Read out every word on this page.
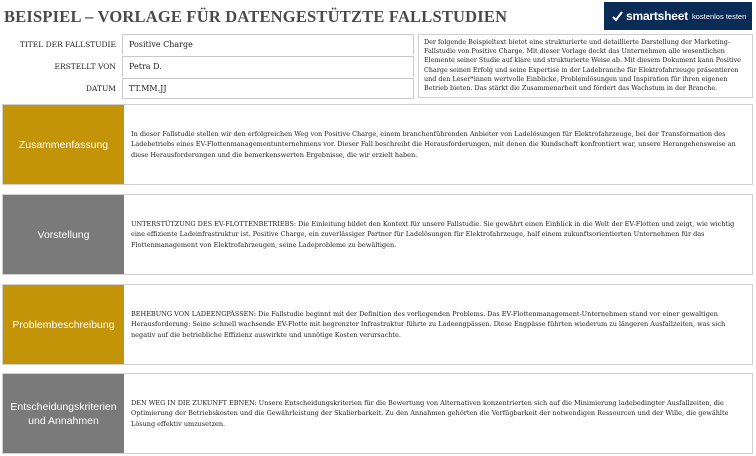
BEISPIEL – VORLAGE FÜR DATENGESTÜTZTE FALLSTUDIEN	smartsheet kostenlos testen
TITEL DER FALLSTUDIE	Positive Charge
ERSTELLT VON	Petra D.
DATUM	TT.MM.JJ
Der folgende Beispieltext bietet eine strukturierte und detaillierte Darstellung der Marketing-Fallstudie von Positive Charge. Mit dieser Vorlage deckt das Unternehmen alle wesentlichen Elemente seiner Studie auf klare und strukturierte Weise ab. Mit diesem Dokument kann Positive Charge seinen Erfolg und seine Expertise in der Ladebranche für Elektrofahrzeuge präsentieren und den Leser*innen wertvolle Einblicke, Problemlösungen und Inspiration für ihren eigenen Betrieb bieten. Das stärkt die Zusammenarbeit und fördert das Wachstum in der Branche.
Zusammenfassung
In dieser Fallstudie stellen wir den erfolgreichen Weg von Positive Charge, einem branchenführenden Anbieter von Ladelösungen für Elektrofahrzeuge, bei der Transformation des Ladebetriebs eines EV-Flottenmanagementunternehmens vor. Dieser Fall beschreibt die Herausforderungen, mit denen die Kundschaft konfrontiert war, unsere Herangehensweise an diese Herausforderungen und die bemerkenswerten Ergebnisse, die wir erzielt haben.
Vorstellung
UNTERSTÜTZUNG DES EV-FLOTTENBETRIEBS: Die Einleitung bildet den Kontext für unsere Fallstudie. Sie gewährt einen Einblick in die Welt der EV-Flotten und zeigt, wie wichtig eine effiziente Ladeinfrastruktur ist. Positive Charge, ein zuverlässiger Partner für Ladelösungen für Elektrofahrzeuge, half einem zukunftsorientierten Unternehmen für das Flottenmanagement von Elektrofahrzeugen, seine Ladeprobleme zu bewältigen.
Problembeschreibung
BEHEBUNG VON LADEENGPÄSSEN: Die Fallstudie beginnt mit der Definition des vorliegenden Problems. Das EV-Flottenmanagement-Unternehmen stand vor einer gewaltigen Herausforderung: Seine schnell wachsende EV-Flotte mit begrenzter Infrastruktur führte zu Ladeengpässen. Diese Engpässe führten wiederum zu längeren Ausfallzeiten, was sich negativ auf die betriebliche Effizienz auswirkte und unnötige Kosten verursachte.
Entscheidungskriterien und Annahmen
DEN WEG IN DIE ZUKUNFT EBNEN: Unsere Entscheidungskriterien für die Bewertung von Alternativen konzentrierten sich auf die Minimierung ladebedingter Ausfallzeiten, die Optimierung der Betriebskosten und die Gewährleistung der Skalierbarkeit. Zu den Annahmen gehörten die Verfügbarkeit der notwendigen Ressourcen und der Wille, die gewählte Lösung effektiv umzusetzen.
